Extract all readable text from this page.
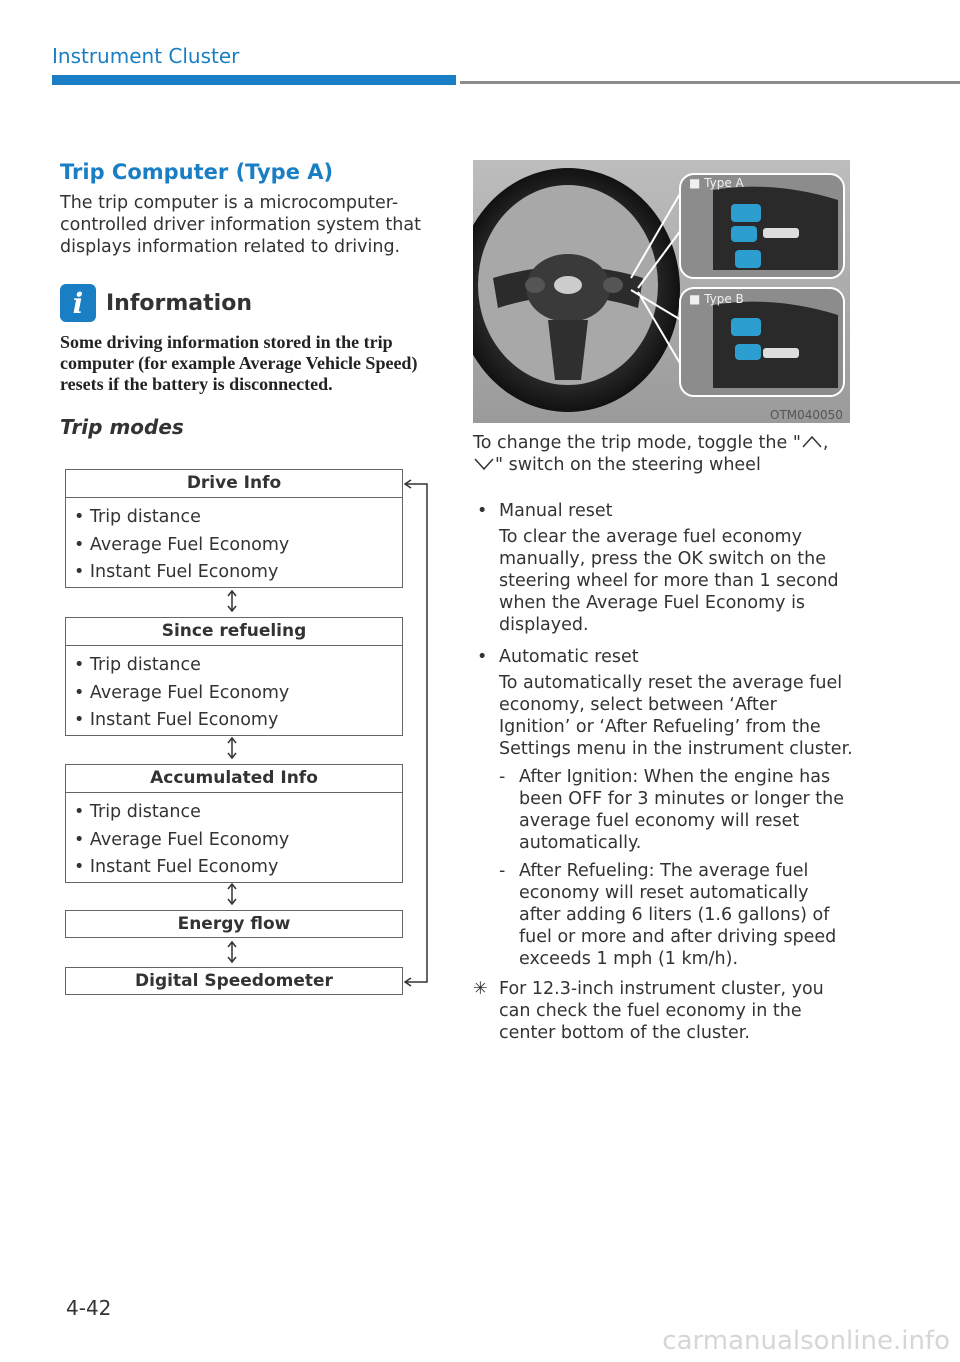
Instrument Cluster
Trip Computer (Type A)

The trip computer is a microcomputer-controlled driver information system that displays information related to driving.

i	Information
Some driving information stored in the trip computer (for example Average Vehicle Speed) resets if the battery is disconnected.
Trip modes
Drive Info
• Trip distance
• Average Fuel Economy
• Instant Fuel Economy
Since refueling
• Trip distance
• Average Fuel Economy
• Instant Fuel Economy
Accumulated Info
• Trip distance
• Average Fuel Economy
• Instant Fuel Economy
Energy flow
Digital Speedometer
■ Type A
■ Type B
OTM040050

To change the trip mode, toggle the " , " switch on the steering wheel

• Manual reset
To clear the average fuel economy manually, press the OK switch on the steering wheel for more than 1 second when the Average Fuel Economy is displayed.
• Automatic reset
To automatically reset the average fuel economy, select between ‘After Ignition’ or ‘After Refueling’ from the Settings menu in the instrument cluster.
- After Ignition: When the engine has been OFF for 3 minutes or longer the average fuel economy will reset automatically.
- After Refueling: The average fuel economy will reset automatically after adding 6 liters (1.6 gallons) of fuel or more and after driving speed exceeds 1 mph (1 km/h).
✳ For 12.3-inch instrument cluster, you can check the fuel economy in the center bottom of the cluster.
4-42
carmanualsonline.info
